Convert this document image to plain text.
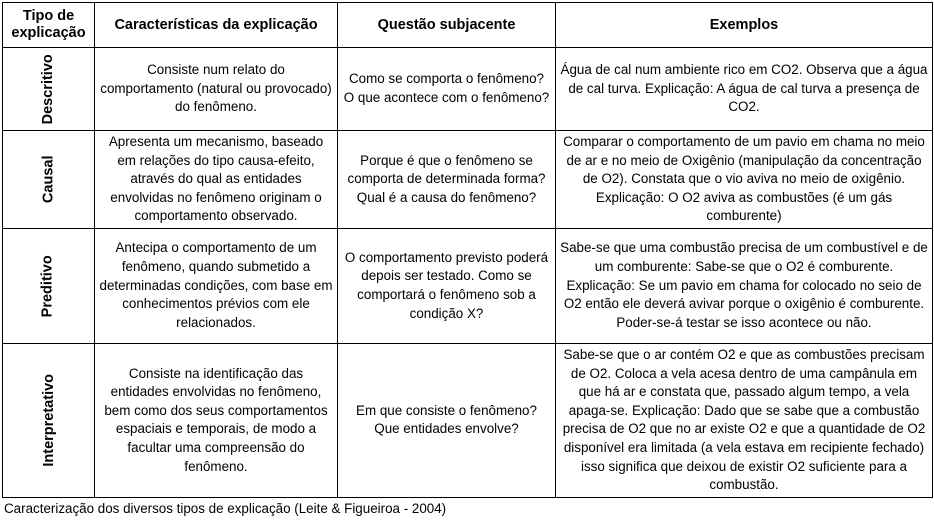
Tipo de explicação	Características da explicação	Questão subjacente	Exemplos
Descritivo	Consiste num relato do comportamento (natural ou provocado) do fenômeno.	Como se comporta o fenômeno? O que acontece com o fenômeno?	Água de cal num ambiente rico em CO2. Observa que a água de cal turva. Explicação: A água de cal turva a presença de CO2.
Causal	Apresenta um mecanismo, baseado em relações do tipo causa-efeito, através do qual as entidades envolvidas no fenômeno originam o comportamento observado.	Porque é que o fenômeno se comporta de determinada forma? Qual é a causa do fenômeno?	Comparar o comportamento de um pavio em chama no meio de ar e no meio de Oxigênio (manipulação da concentração de O2). Constata que o vio aviva no meio de oxigênio. Explicação: O O2 aviva as combustões (é um gás comburente)
Preditivo	Antecipa o comportamento de um fenômeno, quando submetido a determinadas condições, com base em conhecimentos prévios com ele relacionados.	O comportamento previsto poderá depois ser testado. Como se comportará o fenômeno sob a condição X?	Sabe-se que uma combustão precisa de um combustível e de um comburente: Sabe-se que o O2 é comburente. Explicação: Se um pavio em chama for colocado no seio de O2 então ele deverá avivar porque o oxigênio é comburente. Poder-se-á testar se isso acontece ou não.
Interpretativo	Consiste na identificação das entidades envolvidas no fenômeno, bem como dos seus comportamentos espaciais e temporais, de modo a facultar uma compreensão do fenômeno.	Em que consiste o fenômeno? Que entidades envolve?	Sabe-se que o ar contém O2 e que as combustões precisam de O2. Coloca a vela acesa dentro de uma campânula em que há ar e constata que, passado algum tempo, a vela apaga-se. Explicação: Dado que se sabe que a combustão precisa de O2 que no ar existe O2 e que a quantidade de O2 disponível era limitada (a vela estava em recipiente fechado) isso significa que deixou de existir O2 suficiente para a combustão.
Caracterização dos diversos tipos de explicação (Leite & Figueiroa - 2004)
